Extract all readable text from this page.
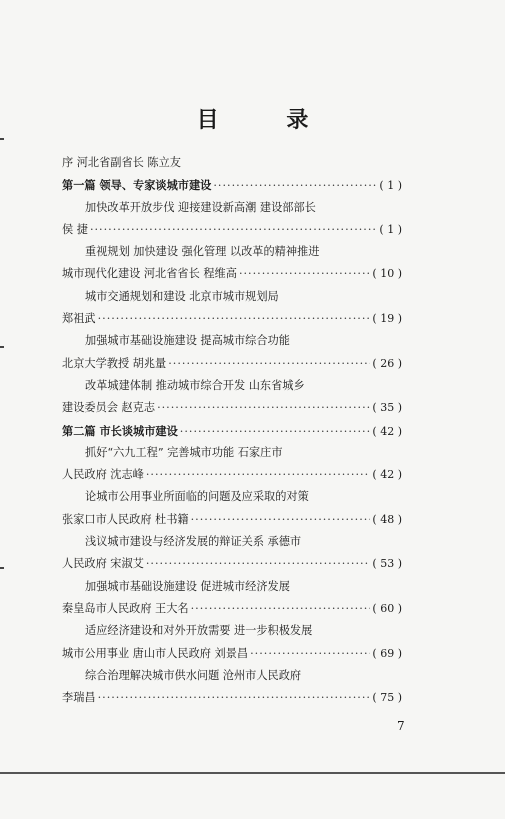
目 录
序 河北省副省长 陈立友
第一篇 领导、专家谈城市建设 ·····	( 1 )
加快改革开放步伐 迎接建设新高潮 建设部部长
侯 捷 ·····	( 1 )
重视规划 加快建设 强化管理 以改革的精神推进
城市现代化建设 河北省省长 程维高 ·····	( 10 )
城市交通规划和建设 北京市城市规划局
郑祖武 ·····	( 19 )
加强城市基础设施建设 提高城市综合功能
北京大学教授 胡兆量 ·····	( 26 )
改革城建体制 推动城市综合开发 山东省城乡
建设委员会 赵克志 ·····	( 35 )
第二篇 市长谈城市建设 ·····	( 42 )
抓好“六九工程” 完善城市功能 石家庄市
人民政府 沈志峰 ·····	( 42 )
论城市公用事业所面临的问题及应采取的对策
张家口市人民政府 杜书籍 ·····	( 48 )
浅议城市建设与经济发展的辩证关系 承德市
人民政府 宋淑艾 ·····	( 53 )
加强城市基础设施建设 促进城市经济发展
秦皇岛市人民政府 王大名 ·····	( 60 )
适应经济建设和对外开放需要 进一步积极发展
城市公用事业 唐山市人民政府 刘景昌 ·····	( 69 )
综合治理解决城市供水问题 沧州市人民政府
李瑞昌 ·····	( 75 )
7
